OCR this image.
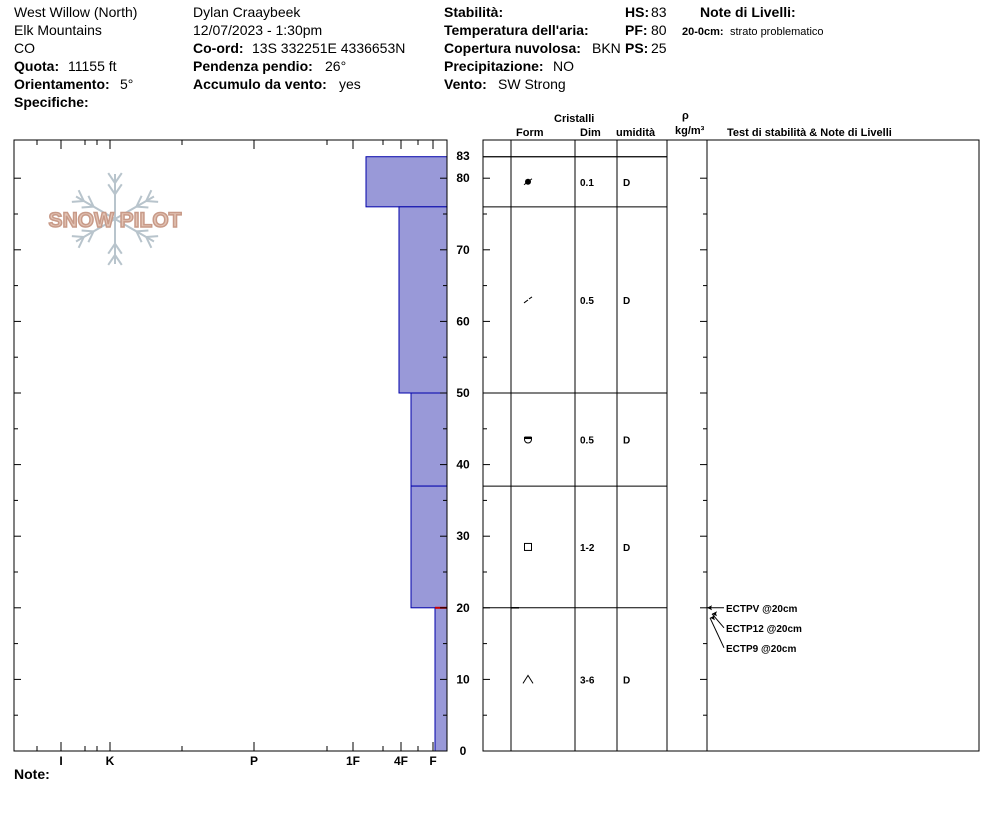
West Willow (North)
Elk Mountains
CO
Quota: 11155 ft
Orientamento: 5°
Specifiche:
Dylan Craaybeek
12/07/2023 - 1:30pm
Co-ord: 13S 332251E 4336653N
Pendenza pendio: 26°
Accumulo da vento: yes
Stabilità:
Temperatura dell'aria:
Copertura nuvolosa: BKN
Precipitazione: NO
Vento: SW Strong
HS: 83
PF: 80
PS: 25
Note di Livelli:
20-0cm: strato problematico
Cristalli
Form	Dim umidità
ρ
kg/m³ Test di stabilità & Note di Livelli
Note:
SNOW PILOT
I	K	P	1F	4F F
0
10
20
30
40
50
60
70
80
83
0.1	D
0.5	D
0.5	D
1-2	D
3-6	D
ECTPV @20cm
ECTP12 @20cm
ECTP9 @20cm
